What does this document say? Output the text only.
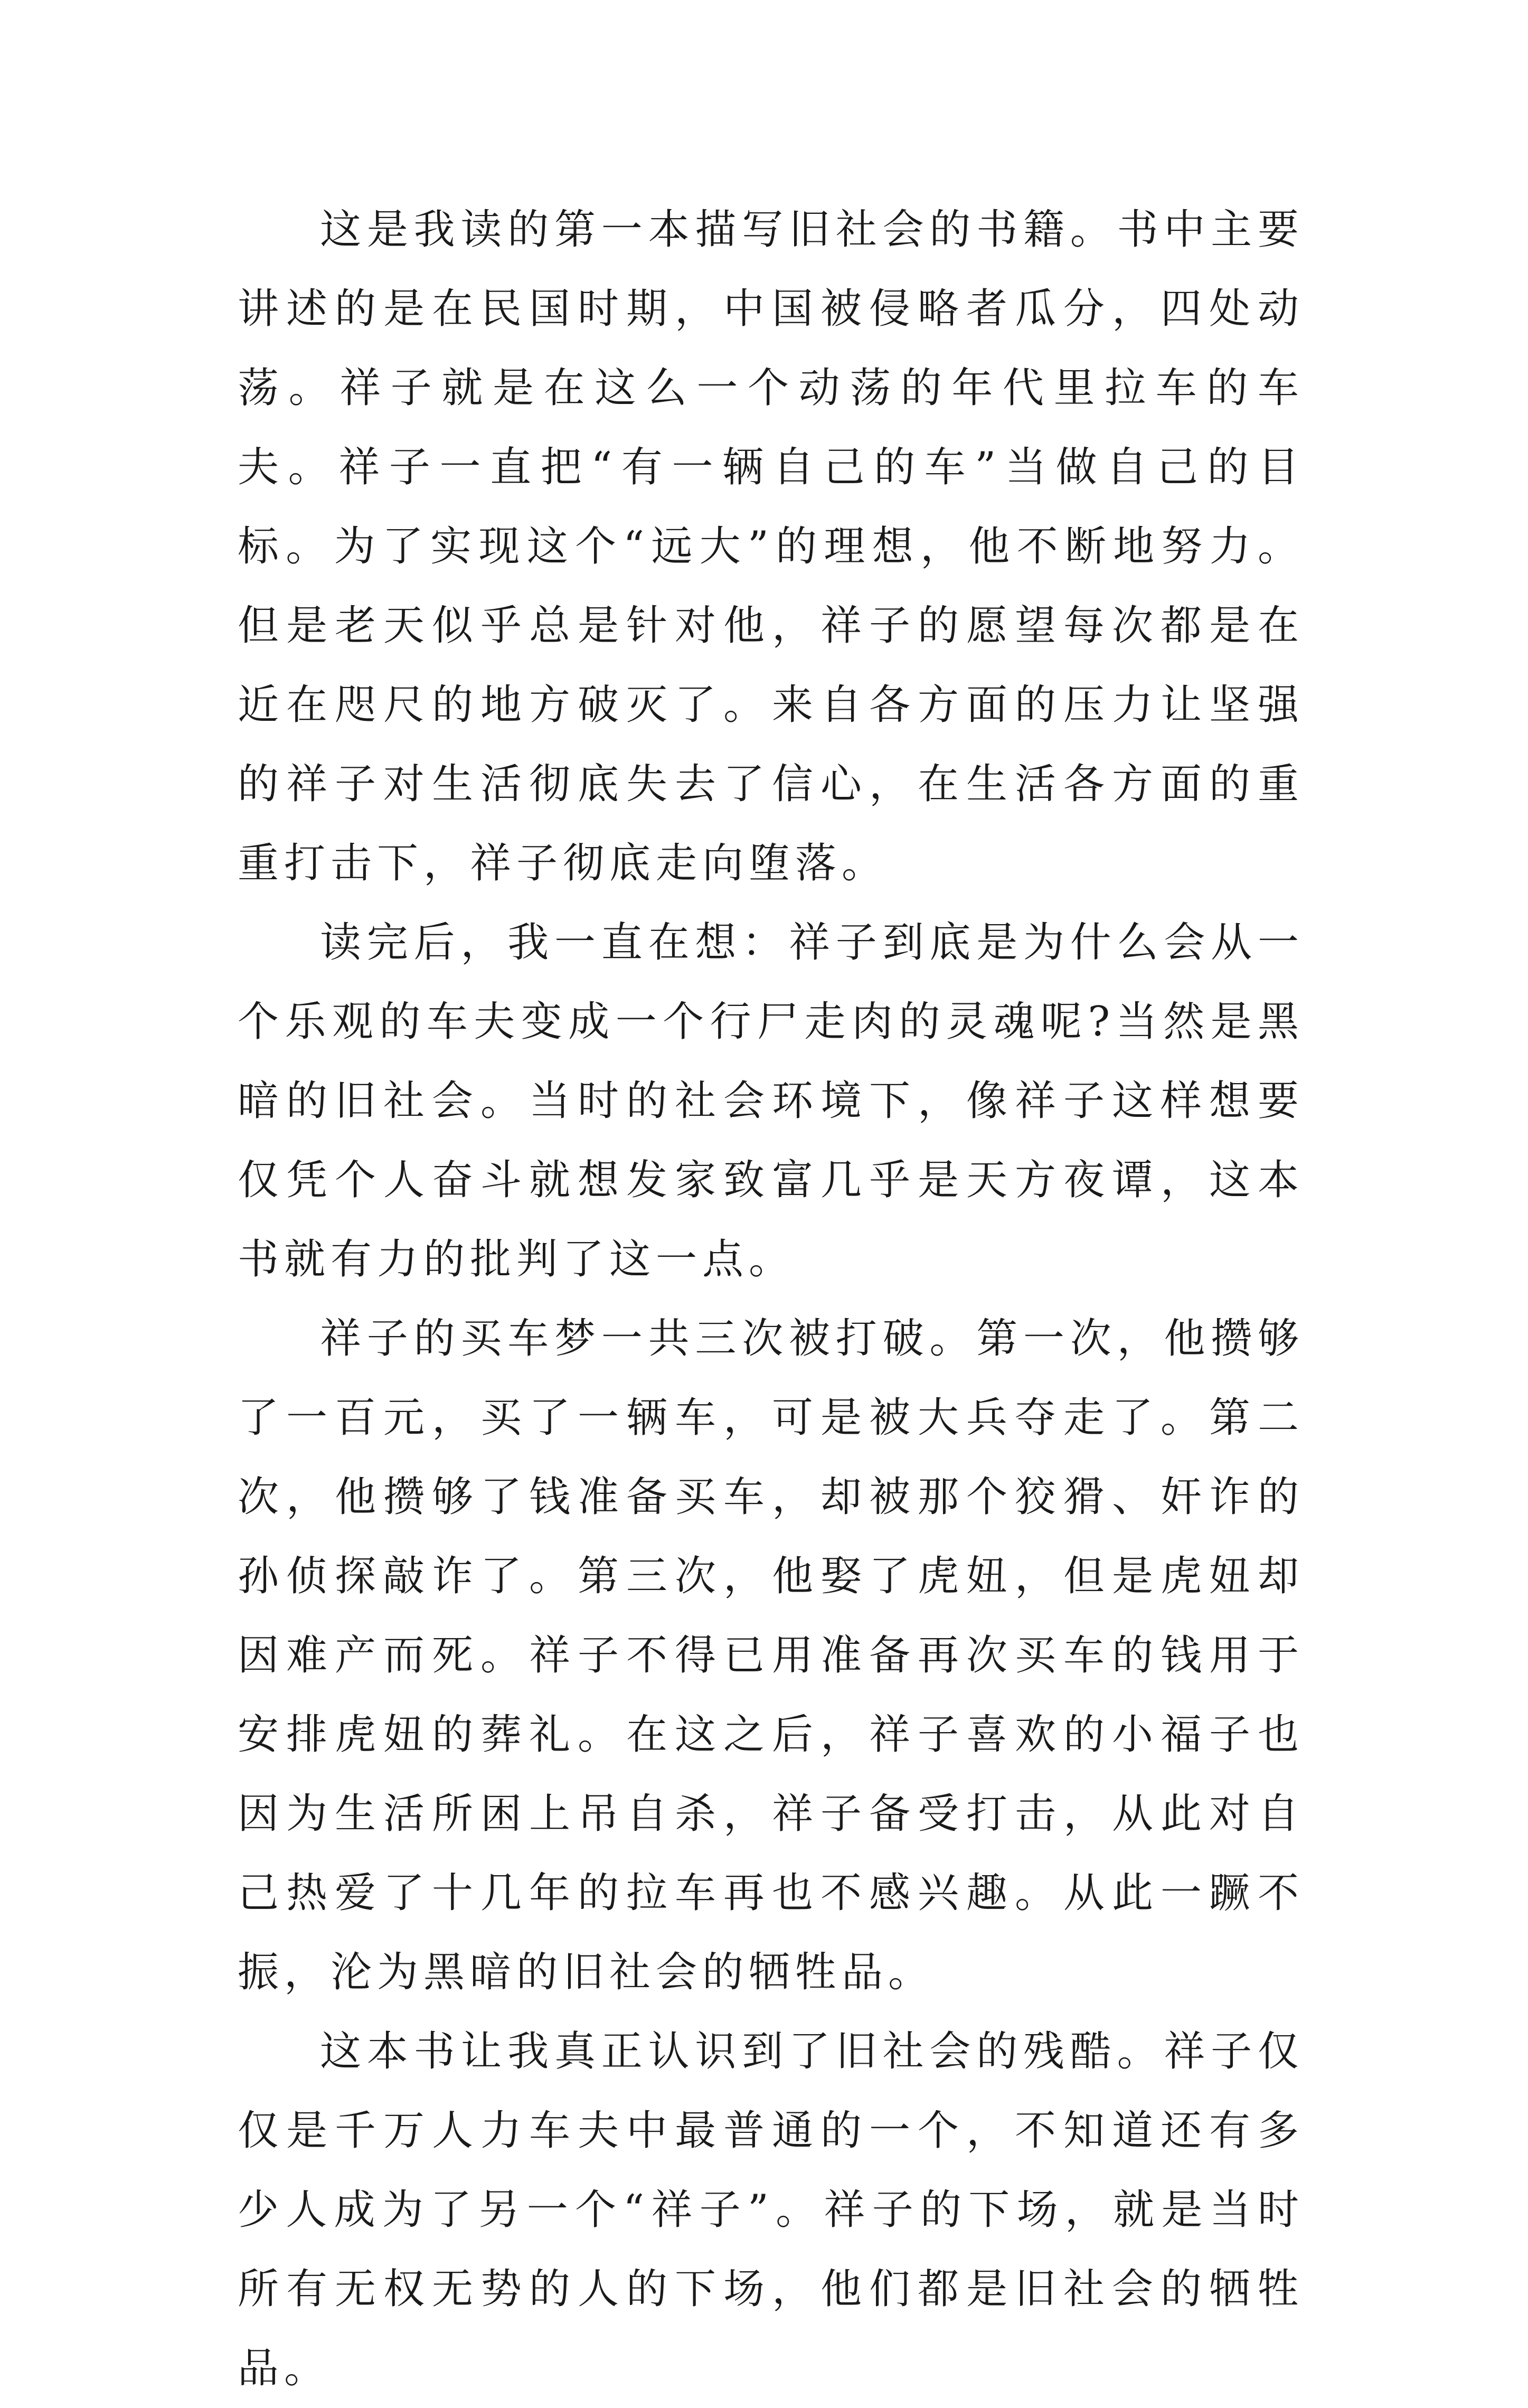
这是我读的第一本描写旧社会的书籍。书中主要讲述的是在民国时期，中国被侵略者瓜分，四处动荡。祥子就是在这么一个动荡的年代里拉车的车夫。祥子一直把“有一辆自己的车”当做自己的目标。为了实现这个“远大”的理想，他不断地努力。但是老天似乎总是针对他，祥子的愿望每次都是在近在咫尺的地方破灭了。来自各方面的压力让坚强的祥子对生活彻底失去了信心，在生活各方面的重重打击下，祥子彻底走向堕落。

读完后，我一直在想：祥子到底是为什么会从一个乐观的车夫变成一个行尸走肉的灵魂呢?当然是黑暗的旧社会。当时的社会环境下，像祥子这样想要仅凭个人奋斗就想发家致富几乎是天方夜谭，这本书就有力的批判了这一点。

祥子的买车梦一共三次被打破。第一次，他攒够了一百元，买了一辆车，可是被大兵夺走了。第二次，他攒够了钱准备买车，却被那个狡猾、奸诈的孙侦探敲诈了。第三次，他娶了虎妞，但是虎妞却因难产而死。祥子不得已用准备再次买车的钱用于安排虎妞的葬礼。在这之后，祥子喜欢的小福子也因为生活所困上吊自杀，祥子备受打击，从此对自己热爱了十几年的拉车再也不感兴趣。从此一蹶不振，沦为黑暗的旧社会的牺牲品。

这本书让我真正认识到了旧社会的残酷。祥子仅仅是千万人力车夫中最普通的一个，不知道还有多少人成为了另一个“祥子”。祥子的下场，就是当时所有无权无势的人的下场，他们都是旧社会的牺牲品。
